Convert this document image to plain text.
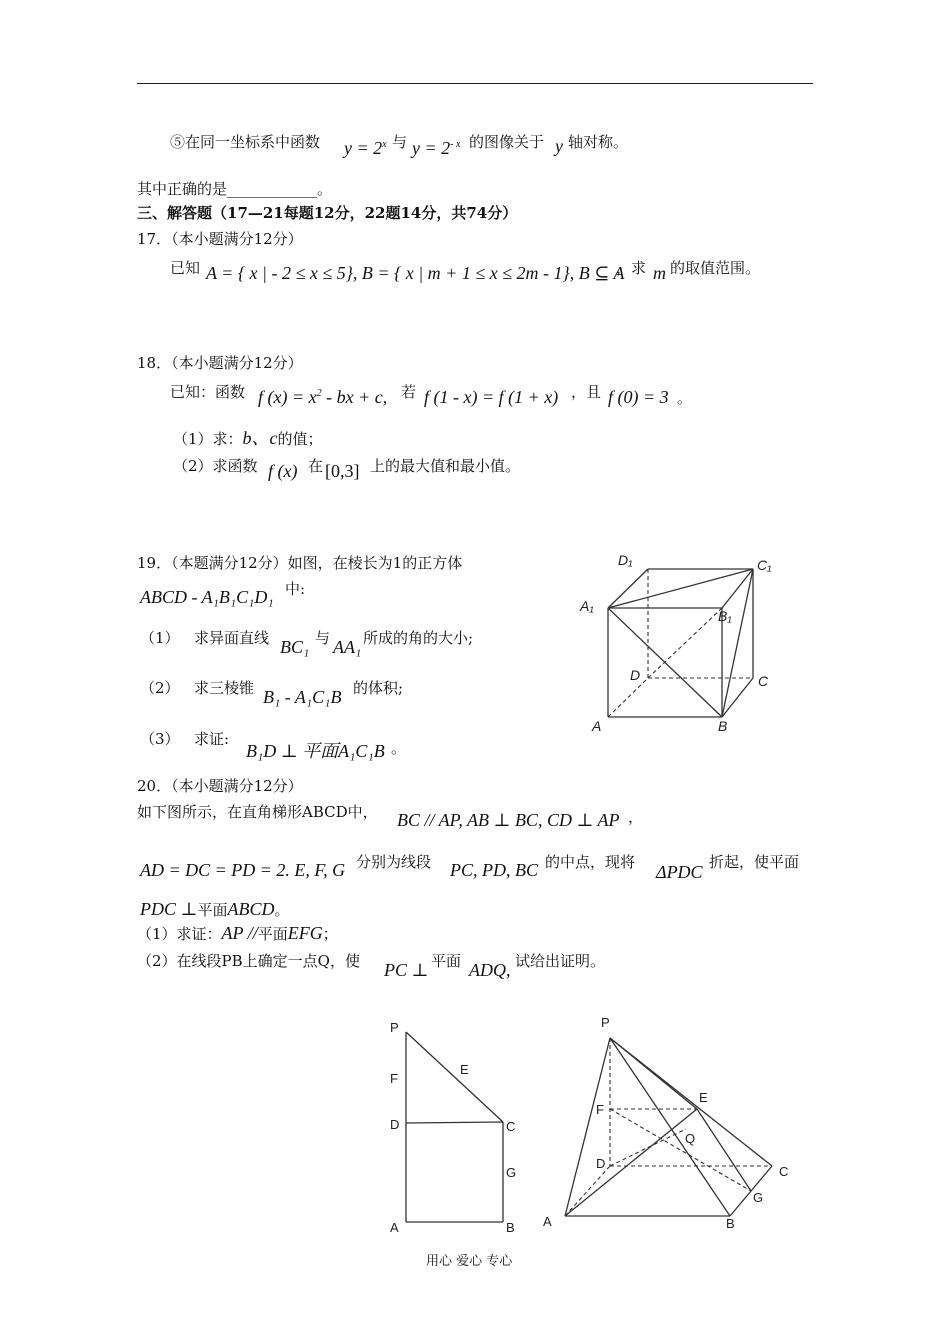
⑤在同一坐标系中函数 $y = 2^x$ 与 $y = 2^{- x}$ 的图像关于 y 轴对称。
其中正确的是____________。
三、解答题（17—21每题12分，22题14分，共74分）
17．（本小题满分12分）
已知 A = { x | - 2 ≤ x ≤ 5}, B = { x | m + 1 ≤ x ≤ 2m - 1}, B ⊆ A
，求 m 的取值范围。
18．（本小题满分12分）
已知：函数 f $(x) = x^2$ - bx + c, 若 f (1 - x) = f (1 + x) ，且 f (0) = 3 。
（1）求：b、c的值；
（2）求函数 f (x) 在 [0,3] 上的最大值和最小值。
19．（本题满分12分）如图，在棱长为1的正方体
ABCD - A₁B₁C₁D₁ 中:
（1） 求异面直线 BC₁ 与 AA₁ 所成的角的大小;
（2） 求三棱锥 B₁ - A₁C₁B 的体积;
（3） 求证:
B₁D ⊥ 平面A₁C₁B 。
D₁	C₁
A₁
B₁
D	C
A	B
20．（本小题满分12分）
如下图所示，在直角梯形ABCD中， BC // AP, AB ⊥ BC, CD ⊥ AP ，
AD = DC = PD = 2. E, F, G 分别为线段 PC, PD, BC 的中点，现将 ΔPDC 折起，使平面
PDC ⊥平面ABCD。
（1）求证：AP //平面EFG；
（2）在线段PB上确定一点Q，使 PC ⊥ 平面 ADQ, 试给出证明。
P
F
E
D	C
G
A	B
P
E
F
Q
D
C
G
A	B
用心 爱心 专心
